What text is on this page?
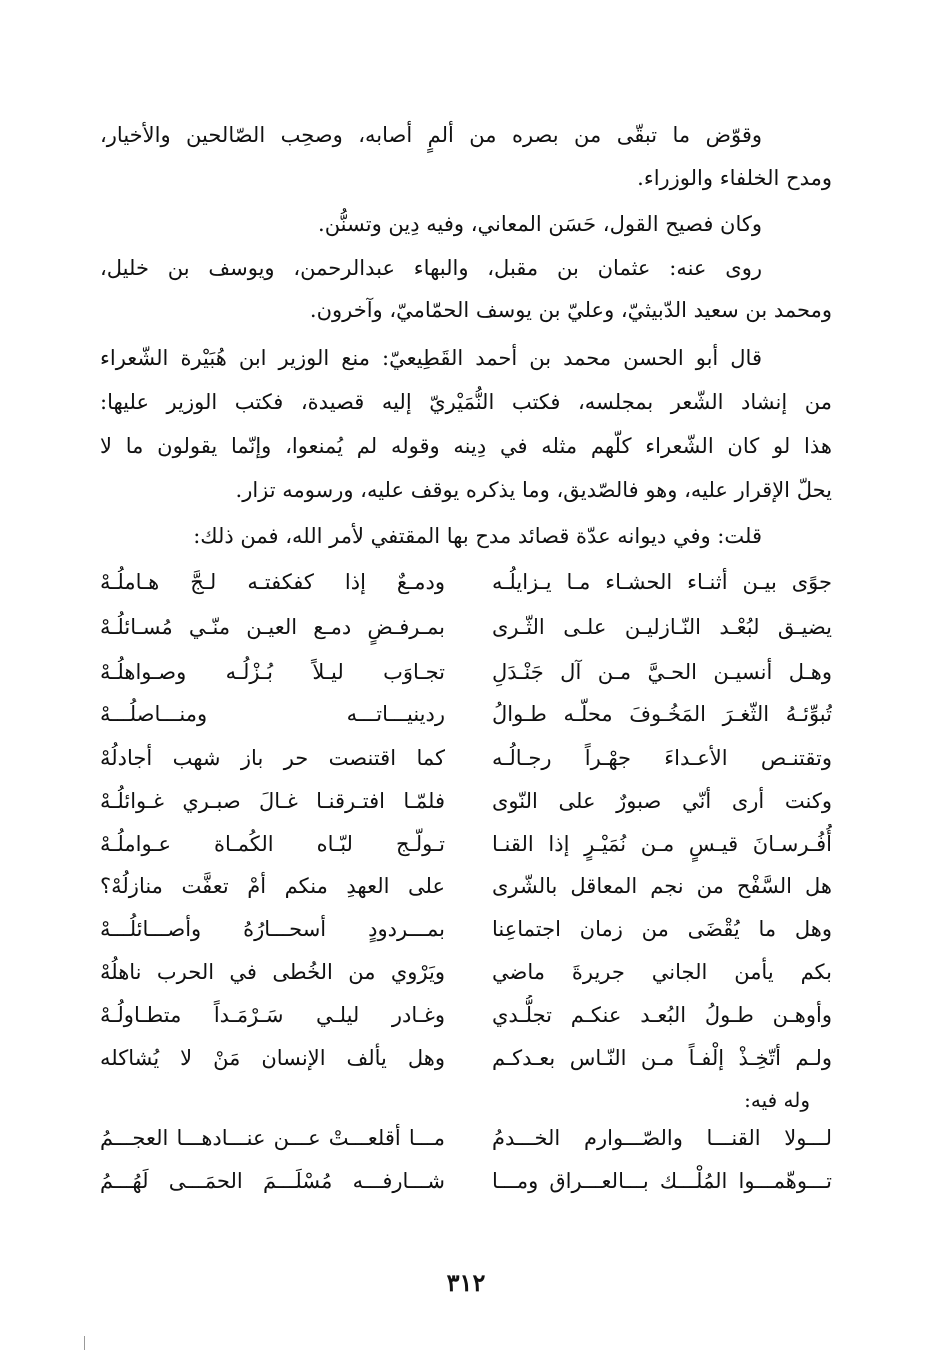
وقوّض ما تبقّى من بصره من ألمٍ أصابه، وصحِب الصّالحين والأخيار،
ومدح الخلفاء والوزراء.
وكان فصيح القول، حَسَن المعاني، وفيه دِين وتسنُّن.
روى عنه: عثمان بن مقبل، والبهاء عبدالرحمن، ويوسف بن خليل،
ومحمد بن سعيد الدّبيثيّ، وعليّ بن يوسف الحمّاميّ، وآخرون.
قال أبو الحسن محمد بن أحمد القَطِيعيّ: منع الوزير ابن هُبَيْرة الشّعراء
من إنشاد الشّعر بمجلسه، فكتب النُّمَيْريّ إليه قصيدة، فكتب الوزير عليها:
هذا لو كان الشّعراء كلّهم مثله في دِينه وقوله لم يُمنعوا، وإنّما يقولون ما لا
يحلّ الإقرار عليه، وهو فالصّديق، وما يذكره يوقف عليه، ورسومه تزار.
قلت: وفي ديوانه عدّة قصائد مدح بها المقتفي لأمر الله، فمن ذلك:
جوًى بيـن أثنـاء الحشـاء مـا يـزايلُـه
ودمـعٌ إذا كفكفتـه لـجَّ هـاملُـهْ
يضيـق لبُعْـد النّـازليـن علـى الثّـرى
بمـرفـضٍ دمـع العيـن منّـي مُسـائلُـهْ
وهـل أنسيـن الحـيَّ مـن آل جَنْـدَلِ
تجـاوَب ليـلاً بُـزْلُـه وصـواهلُـهْ
تُبوِّئـهُ الثّغـرَ المَخُـوفَ محلّـه طـوالُ
ردينيـــاتـــه ومنـــاصلُـــهْ
وتقتنـص الأعـداءَ جهْـراً رجـالُـه
كما اقتنصت حر باز شهب أجادلُهْ
وكنت أرى أنّي صبورٌ على النّوى
فلمّـا افتـرقنـا غـالَ صبـري غـوائلُـهْ
أُفُـرسـانَ قيـسٍ مـن نُمَيْـرٍ إذا القنـا
تـولّـج لبّـاه الكُمـاة عـواملُـهْ
هل السَّفْح من نجم المعاقل بالشّرى
على العهدِ منكم أمْ تعفَّت منازلُهْ؟
وهل ما يُقْضَى من زمان اجتماعِنا
بمـــردودٍ أسحـــارُهُ وأصـــائلُـــهْ
بكم يأمن الجاني جريرةَ ماضي
ويَرْوي من الخُطى في الحرب ناهلُهْ
وأوهـن طـولُ البُعـد عنكـم تجلُّـدي
وغـادر ليلـي سَـرْمَـداً متطـاولُـهْ
ولـم أتّخِـذْ إلْفـاً مـن النّـاس بعـدكـم
وهل يألف الإنسان مَنْ لا يُشاكله
وله فيه:
لـــولا القنـــا والصّـــوارم الخـــدمُ
مـــا أقلعـــتْ عـــن عنـــادهـــا العجـــمُ
تـــوهّمـــوا المُلْـــك بـــالعـــراق ومـــا
شـــارفـــه مُسْلَـــمَ الحمَـــى لَهُـــمُ
٣١٢
